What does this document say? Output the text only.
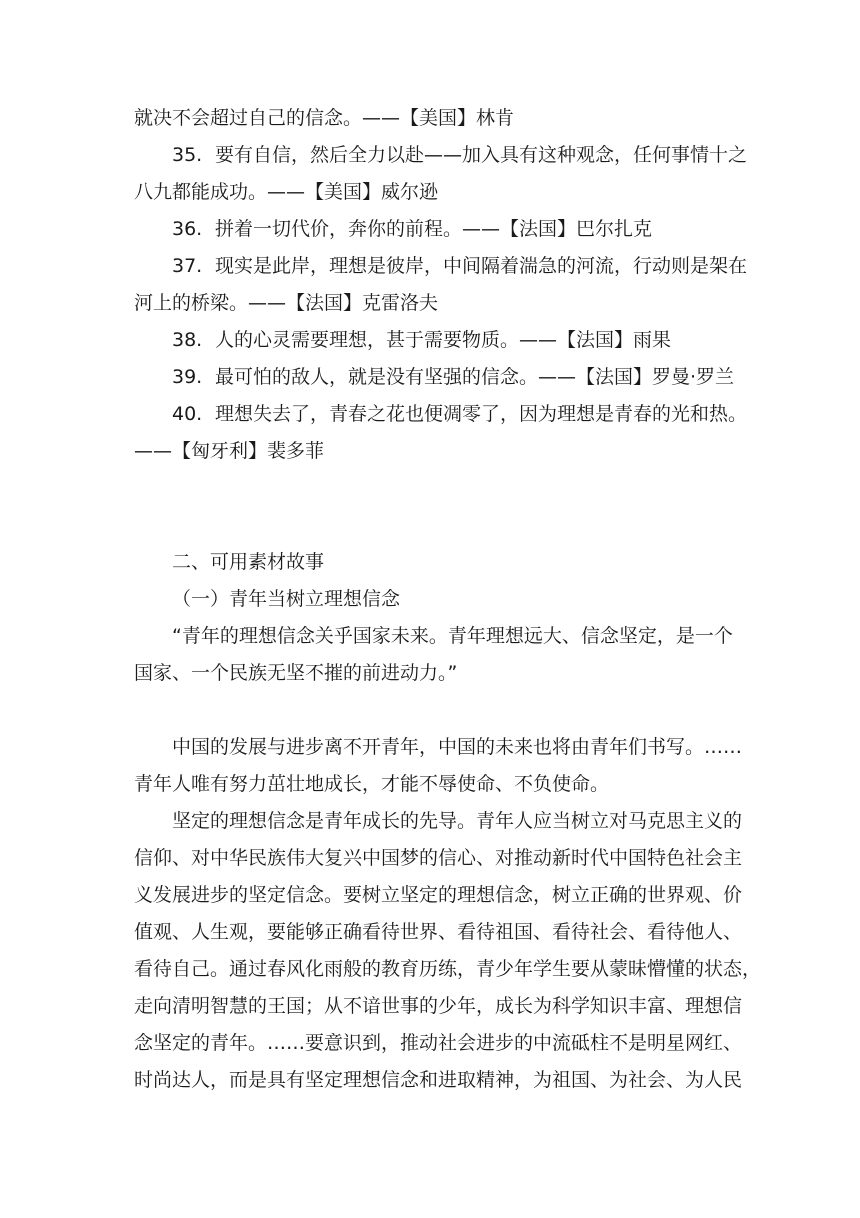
就决不会超过自己的信念。——【美国】林肯
35. 要有自信，然后全力以赴——加入具有这种观念，任何事情十之
八九都能成功。——【美国】威尔逊
36. 拼着一切代价，奔你的前程。——【法国】巴尔扎克
37. 现实是此岸，理想是彼岸，中间隔着湍急的河流，行动则是架在
河上的桥梁。——【法国】克雷洛夫
38. 人的心灵需要理想，甚于需要物质。——【法国】雨果
39. 最可怕的敌人，就是没有坚强的信念。——【法国】罗曼·罗兰
40. 理想失去了，青春之花也便凋零了，因为理想是青春的光和热。
——【匈牙利】裴多菲
二、可用素材故事
（一）青年当树立理想信念
“青年的理想信念关乎国家未来。青年理想远大、信念坚定，是一个
国家、一个民族无坚不摧的前进动力。”
中国的发展与进步离不开青年，中国的未来也将由青年们书写。……
青年人唯有努力茁壮地成长，才能不辱使命、不负使命。
坚定的理想信念是青年成长的先导。青年人应当树立对马克思主义的
信仰、对中华民族伟大复兴中国梦的信心、对推动新时代中国特色社会主
义发展进步的坚定信念。要树立坚定的理想信念，树立正确的世界观、价
值观、人生观，要能够正确看待世界、看待祖国、看待社会、看待他人、
看待自己。通过春风化雨般的教育历练，青少年学生要从蒙昧懵懂的状态，
走向清明智慧的王国；从不谙世事的少年，成长为科学知识丰富、理想信
念坚定的青年。……要意识到，推动社会进步的中流砥柱不是明星网红、
时尚达人，而是具有坚定理想信念和进取精神，为祖国、为社会、为人民
